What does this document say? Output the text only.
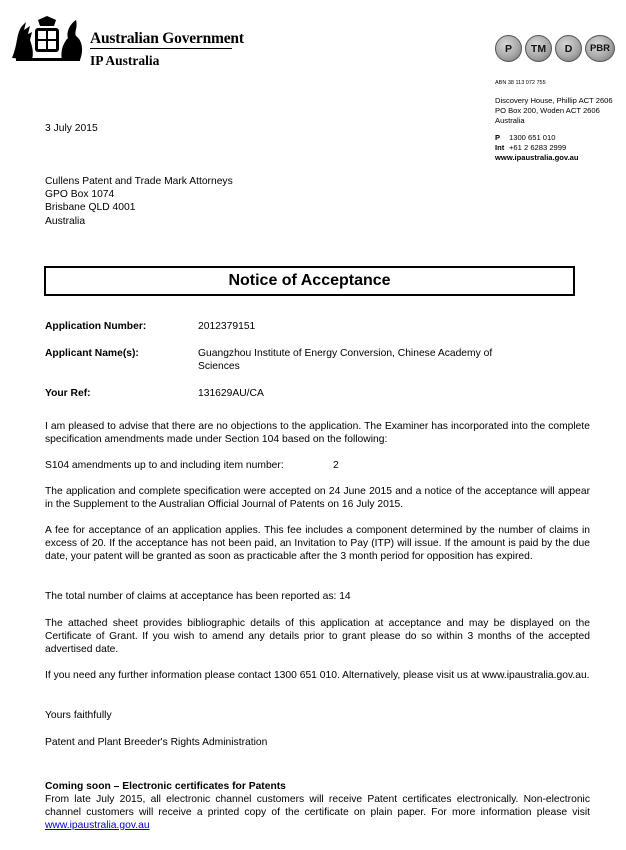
Australian Government
IP Australia
P	TM	D	PBR
ABN 38 113 072 755
Discovery House, Phillip ACT 2606
PO Box 200, Woden ACT 2606
Australia
P 1300 651 010
Int +61 2 6283 2999
www.ipaustralia.gov.au
3 July 2015
Cullens Patent and Trade Mark Attorneys
GPO Box 1074
Brisbane QLD 4001
Australia
Notice of Acceptance
Application Number:	2012379151
Applicant Name(s):	Guangzhou Institute of Energy Conversion, Chinese Academy of Sciences
Your Ref:	131629AU/CA
I am pleased to advise that there are no objections to the application. The Examiner has incorporated into the complete specification amendments made under Section 104 based on the following:
S104 amendments up to and including item number:	2
The application and complete specification were accepted on 24 June 2015 and a notice of the acceptance will appear in the Supplement to the Australian Official Journal of Patents on 16 July 2015.
A fee for acceptance of an application applies. This fee includes a component determined by the number of claims in excess of 20. If the acceptance has not been paid, an Invitation to Pay (ITP) will issue. If the amount is paid by the due date, your patent will be granted as soon as practicable after the 3 month period for opposition has expired.
The total number of claims at acceptance has been reported as: 14
The attached sheet provides bibliographic details of this application at acceptance and may be displayed on the Certificate of Grant. If you wish to amend any details prior to grant please do so within 3 months of the accepted advertised date.
If you need any further information please contact 1300 651 010. Alternatively, please visit us at www.ipaustralia.gov.au.
Yours faithfully
Patent and Plant Breeder's Rights Administration
Coming soon – Electronic certificates for Patents
From late July 2015, all electronic channel customers will receive Patent certificates electronically. Non-electronic channel customers will receive a printed copy of the certificate on plain paper. For more information please visit www.ipaustralia.gov.au
